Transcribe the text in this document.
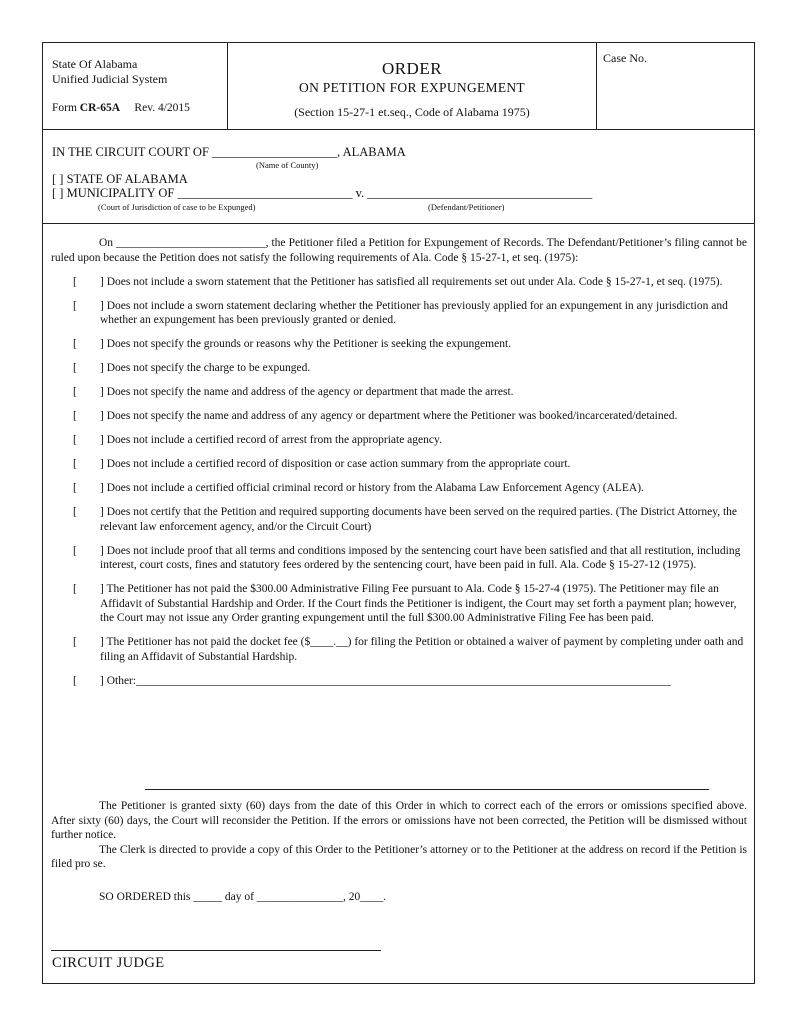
State Of Alabama
Unified Judicial System
Form CR-65A Rev. 4/2015
ORDER
ON PETITION FOR EXPUNGEMENT
(Section 15-27-1 et.seq., Code of Alabama 1975)
Case No.
IN THE CIRCUIT COURT OF ____________________, ALABAMA
(Name of County)
[ ] STATE OF ALABAMA
[ ] MUNICIPALITY OF ____________________________ v. ____________________________________
(Court of Jurisdiction of case to be Expunged)	(Defendant/Petitioner)

On __________________________, the Petitioner filed a Petition for Expungement of Records. The Defendant/Petitioner’s filing cannot be ruled upon because the Petition does not satisfy the following requirements of Ala. Code § 15-27-1, et seq. (1975):

[ ] Does not include a sworn statement that the Petitioner has satisfied all requirements set out under Ala. Code § 15-27-1, et seq. (1975).
[ ] Does not include a sworn statement declaring whether the Petitioner has previously applied for an expungement in any jurisdiction and whether an expungement has been previously granted or denied.
[ ] Does not specify the grounds or reasons why the Petitioner is seeking the expungement.
[ ] Does not specify the charge to be expunged.
[ ] Does not specify the name and address of the agency or department that made the arrest.
[ ] Does not specify the name and address of any agency or department where the Petitioner was booked/incarcerated/detained.
[ ] Does not include a certified record of arrest from the appropriate agency.
[ ] Does not include a certified record of disposition or case action summary from the appropriate court.
[ ] Does not include a certified official criminal record or history from the Alabama Law Enforcement Agency (ALEA).
[ ] Does not certify that the Petition and required supporting documents have been served on the required parties. (The District Attorney, the relevant law enforcement agency, and/or the Circuit Court)
[ ] Does not include proof that all terms and conditions imposed by the sentencing court have been satisfied and that all restitution, including interest, court costs, fines and statutory fees ordered by the sentencing court, have been paid in full. Ala. Code § 15-27-12 (1975).
[ ] The Petitioner has not paid the $300.00 Administrative Filing Fee pursuant to Ala. Code § 15-27-4 (1975). The Petitioner may file an Affidavit of Substantial Hardship and Order. If the Court finds the Petitioner is indigent, the Court may set forth a payment plan; however, the Court may not issue any Order granting expungement until the full $300.00 Administrative Filing Fee has been paid.
[ ] The Petitioner has not paid the docket fee ($____.__) for filing the Petition or obtained a waiver of payment by completing under oath and filing an Affidavit of Substantial Hardship.
[ ] Other:_____________________________________________________________________________________________

The Petitioner is granted sixty (60) days from the date of this Order in which to correct each of the errors or omissions specified above. After sixty (60) days, the Court will reconsider the Petition. If the errors or omissions have not been corrected, the Petition will be dismissed without further notice.

The Clerk is directed to provide a copy of this Order to the Petitioner’s attorney or to the Petitioner at the address on record if the Petition is filed pro se.

SO ORDERED this _____ day of _______________, 20____.

CIRCUIT JUDGE
